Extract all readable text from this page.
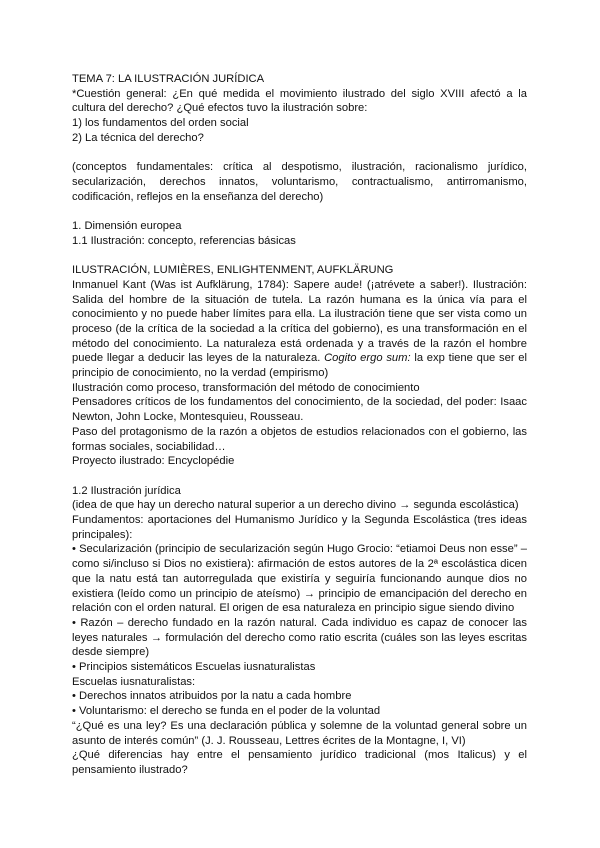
TEMA 7: LA ILUSTRACIÓN JURÍDICA

*Cuestión general: ¿En qué medida el movimiento ilustrado del siglo XVIII afectó a la cultura del derecho? ¿Qué efectos tuvo la ilustración sobre:

1) los fundamentos del orden social

2) La técnica del derecho?

(conceptos fundamentales: crítica al despotismo, ilustración, racionalismo jurídico, secularización, derechos innatos, voluntarismo, contractualismo, antirromanismo, codificación, reflejos en la enseñanza del derecho)

1. Dimensión europea

1.1 Ilustración: concepto, referencias básicas

ILUSTRACIÓN, LUMIÈRES, ENLIGHTENMENT, AUFKLÄRUNG

Inmanuel Kant (Was ist Aufklärung, 1784): Sapere aude! (¡atrévete a saber!). Ilustración: Salida del hombre de la situación de tutela. La razón humana es la única vía para el conocimiento y no puede haber límites para ella. La ilustración tiene que ser vista como un proceso (de la crítica de la sociedad a la crítica del gobierno), es una transformación en el método del conocimiento. La naturaleza está ordenada y a través de la razón el hombre puede llegar a deducir las leyes de la naturaleza. Cogito ergo sum: la exp tiene que ser el principio de conocimiento, no la verdad (empirismo)

Ilustración como proceso, transformación del método de conocimiento

Pensadores críticos de los fundamentos del conocimiento, de la sociedad, del poder: Isaac Newton, John Locke, Montesquieu, Rousseau.

Paso del protagonismo de la razón a objetos de estudios relacionados con el gobierno, las formas sociales, sociabilidad…

Proyecto ilustrado: Encyclopédie

1.2 Ilustración jurídica

(idea de que hay un derecho natural superior a un derecho divino → segunda escolástica)

Fundamentos: aportaciones del Humanismo Jurídico y la Segunda Escolástica (tres ideas principales):

• Secularización (principio de secularización según Hugo Grocio: “etiamoi Deus non esse” – como si/incluso si Dios no existiera): afirmación de estos autores de la 2ª escolástica dicen que la natu está tan autorregulada que existiría y seguiría funcionando aunque dios no existiera (leído como un principio de ateísmo) → principio de emancipación del derecho en relación con el orden natural. El origen de esa naturaleza en principio sigue siendo divino

• Razón – derecho fundado en la razón natural. Cada individuo es capaz de conocer las leyes naturales → formulación del derecho como ratio escrita (cuáles son las leyes escritas desde siempre)

• Principios sistemáticos Escuelas iusnaturalistas

Escuelas iusnaturalistas:

• Derechos innatos atribuidos por la natu a cada hombre

• Voluntarismo: el derecho se funda en el poder de la voluntad

“¿Qué es una ley? Es una declaración pública y solemne de la voluntad general sobre un asunto de interés común” (J. J. Rousseau, Lettres écrites de la Montagne, I, VI)

¿Qué diferencias hay entre el pensamiento jurídico tradicional (mos Italicus) y el pensamiento ilustrado?
